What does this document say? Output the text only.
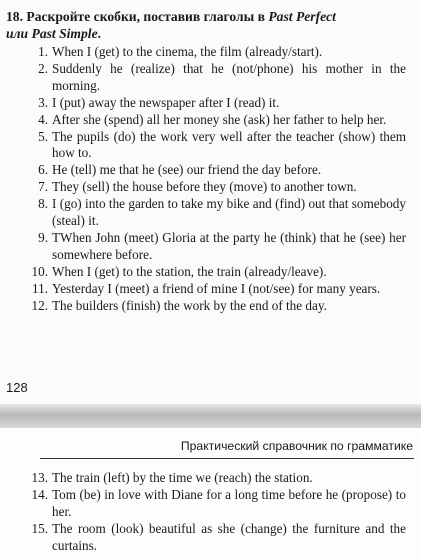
18. Раскройте скобки, поставив глаголы в Past Perfect
или Past Simple.

1. When I (get) to the cinema, the film (already/start).
2. Suddenly he (realize) that he (not/phone) his mother in the morning.
3. I (put) away the newspaper after I (read) it.
4. After she (spend) all her money she (ask) her father to help her.
5. The pupils (do) the work very well after the teacher (show) them how to.
6. He (tell) me that he (see) our friend the day before.
7. They (sell) the house before they (move) to another town.
8. I (go) into the garden to take my bike and (find) out that somebody (steal) it.
9. TWhen John (meet) Gloria at the party he (think) that he (see) her somewhere before.
10. When I (get) to the station, the train (already/leave).
11. Yesterday I (meet) a friend of mine I (not/see) for many years.
12. The builders (finish) the work by the end of the day.

128

Практический справочник по грамматике

13. The train (left) by the time we (reach) the station.
14. Tom (be) in love with Diane for a long time before he (propose) to her.
15. The room (look) beautiful as she (change) the furniture and the curtains.
